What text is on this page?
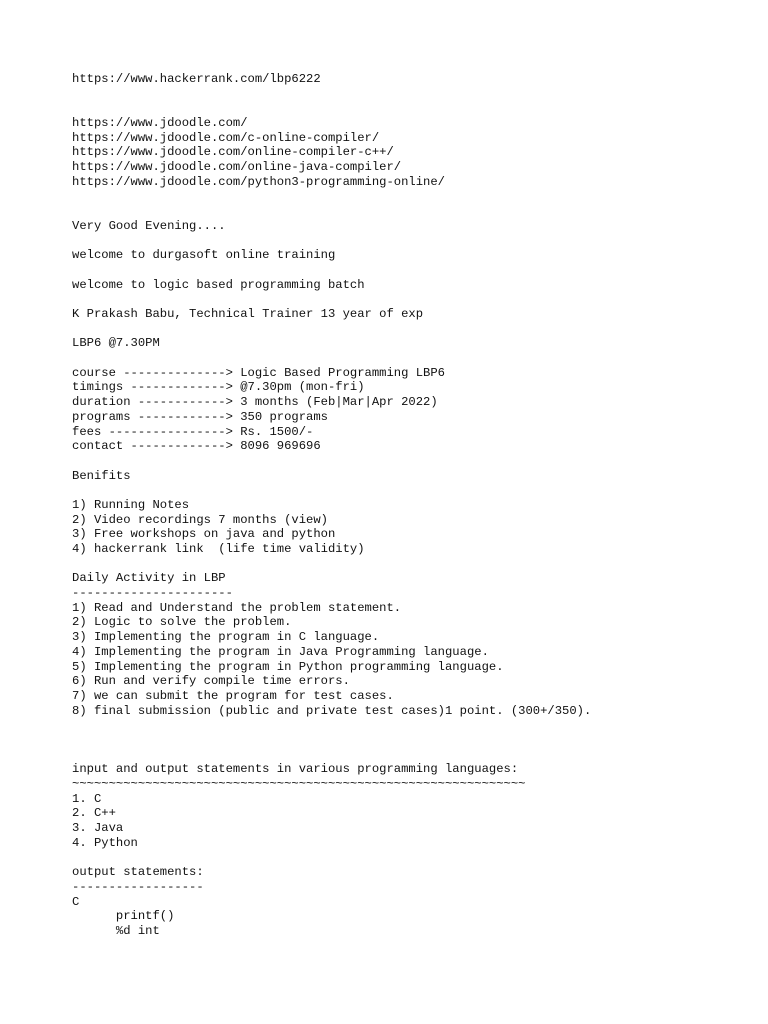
https://www.hackerrank.com/lbp6222
https://www.jdoodle.com/
https://www.jdoodle.com/c-online-compiler/
https://www.jdoodle.com/online-compiler-c++/
https://www.jdoodle.com/online-java-compiler/
https://www.jdoodle.com/python3-programming-online/
Very Good Evening....
welcome to durgasoft online training
welcome to logic based programming batch
K Prakash Babu, Technical Trainer 13 year of exp
LBP6 @7.30PM
course --------------> Logic Based Programming LBP6
timings -------------> @7.30pm (mon-fri)
duration ------------> 3 months (Feb|Mar|Apr 2022)
programs ------------> 350 programs
fees ----------------> Rs. 1500/-
contact -------------> 8096 969696
Benifits
1) Running Notes
2) Video recordings 7 months (view)
3) Free workshops on java and python
4) hackerrank link  (life time validity)
Daily Activity in LBP
----------------------
1) Read and Understand the problem statement.
2) Logic to solve the problem.
3) Implementing the program in C language.
4) Implementing the program in Java Programming language.
5) Implementing the program in Python programming language.
6) Run and verify compile time errors.
7) we can submit the program for test cases.
8) final submission (public and private test cases)1 point. (300+/350).
input and output statements in various programming languages:
~~~~~~~~~~~~~~~~~~~~~~~~~~~~~~~~~~~~~~~~~~~~~~~~~~~~~~~~~~~~~~
1. C
2. C++
3. Java
4. Python
output statements:
------------------
C
printf()
%d int
